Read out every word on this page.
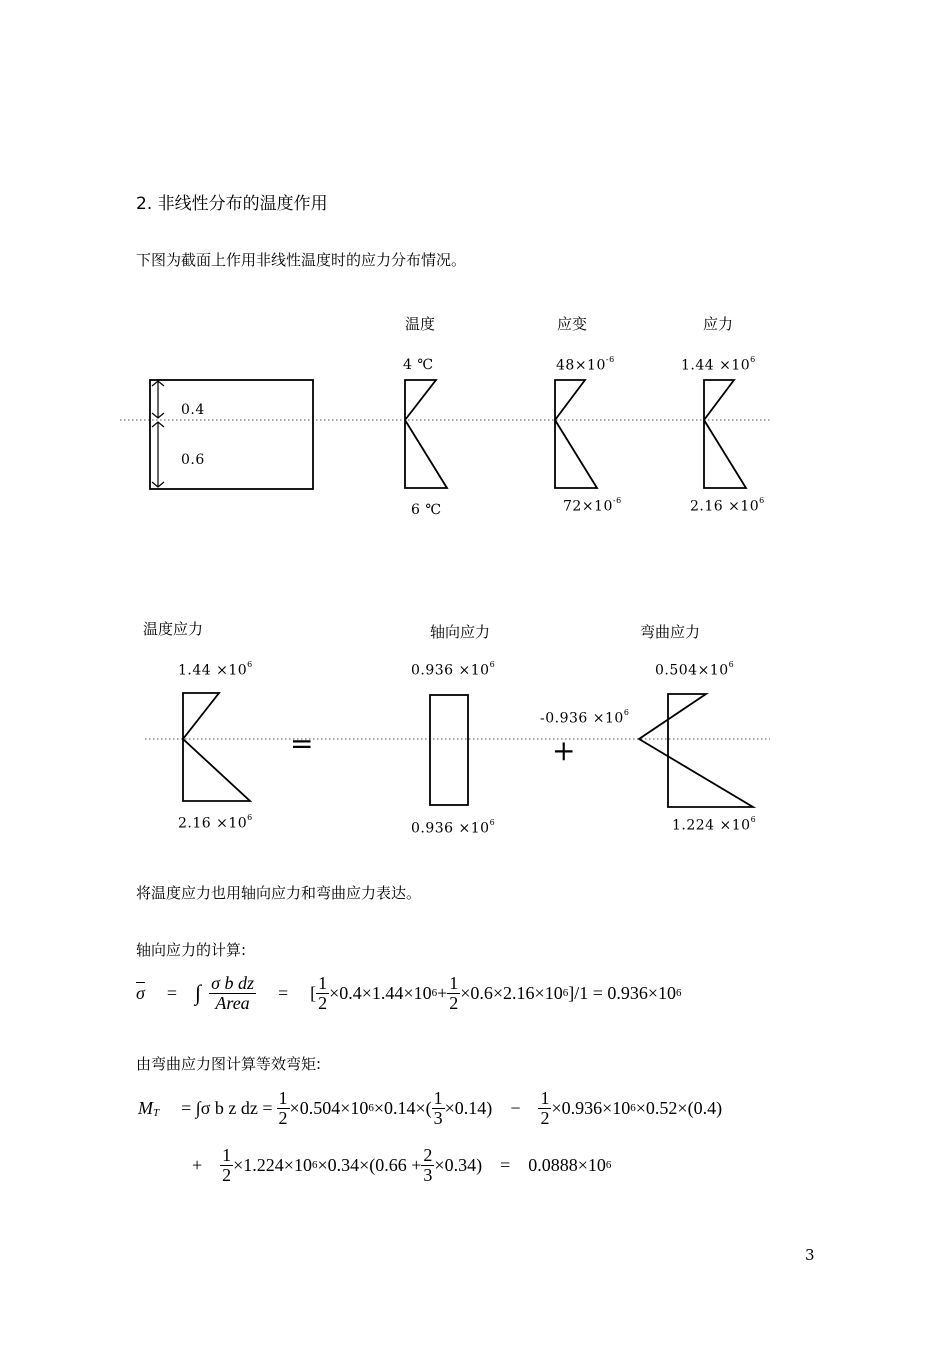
2. 非线性分布的温度作用
下图为截面上作用非线性温度时的应力分布情况。
温度	应变	应力
0.4
0.6
4 ℃
6 ℃
$48\times 10^{-6}$
$72\times 10^{-6}$
$1.44 \times 10^6$
$2.16 \times 10^6$
温度应力	轴向应力	弯曲应力
$1.44 \times 10^6$
$2.16 \times 10^6$
=
$0.936 \times 10^6$
$0.936 \times 10^6$
+
$0.504\times 10^6$
$-0.936 \times 10^6$
$1.224 \times 10^6$
将温度应力也用轴向应力和弯曲应力表达。
轴向应力的计算:
$\overline{\sigma}$ = ∫ $\frac{\text{σ b dz}}{\text{Area}}$ = [ $\frac{1}{2} \times 0.4\times 1.44\times 10$ $6 + \frac{1}{2} \times 0.6\times 2.16\times 10$ 6 ]/1 = 0.936×10 6
由弯曲应力图计算等效弯矩:
$M_T = \int\sigma$ b z dz = $\frac{1}{2} \times 0.504\times 10$ $6 \times 0.14\times( \frac{1}{3} \times 0.14) - \frac{1}{2} \times 0.936\times 10$ 6 ×0.52×(0.4)
+ $\frac{1}{2} \times 1.224\times 10$ $6 \times 0.34\times(0.66 + \frac{2}{3} \times 0.34) = 0.0888\times 10$ 6
3
